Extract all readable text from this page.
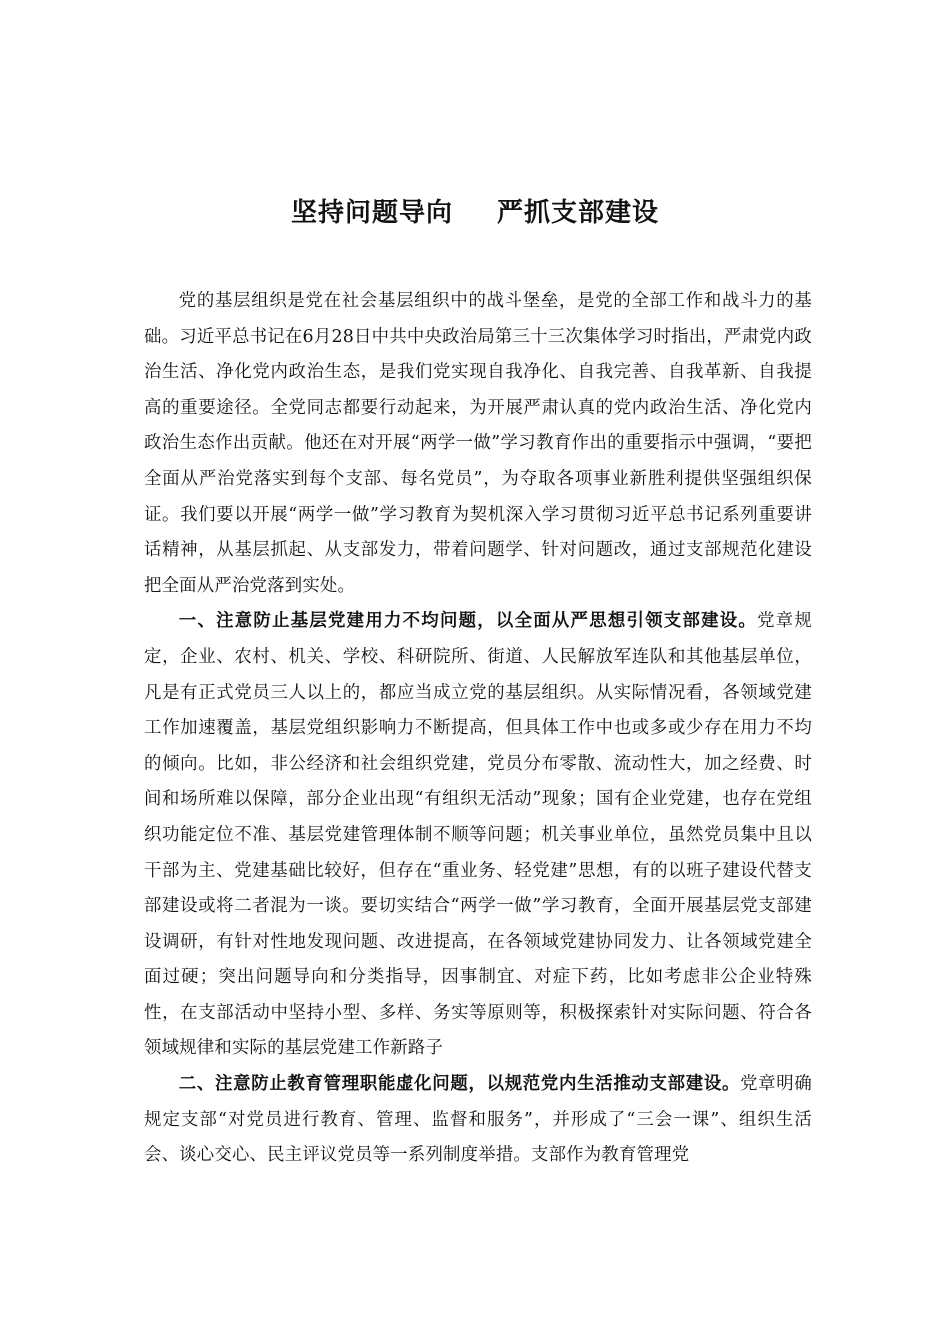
坚持问题导向 严抓支部建设

党的基层组织是党在社会基层组织中的战斗堡垒，是党的全部工作和战斗力的基础。习近平总书记在6月28日中共中央政治局第三十三次集体学习时指出，严肃党内政治生活、净化党内政治生态，是我们党实现自我净化、自我完善、自我革新、自我提高的重要途径。全党同志都要行动起来，为开展严肃认真的党内政治生活、净化党内政治生态作出贡献。他还在对开展“两学一做”学习教育作出的重要指示中强调，“要把全面从严治党落实到每个支部、每名党员”，为夺取各项事业新胜利提供坚强组织保证。我们要以开展“两学一做”学习教育为契机深入学习贯彻习近平总书记系列重要讲话精神，从基层抓起、从支部发力，带着问题学、针对问题改，通过支部规范化建设把全面从严治党落到实处。

一、注意防止基层党建用力不均问题，以全面从严思想引领支部建设。党章规定，企业、农村、机关、学校、科研院所、街道、人民解放军连队和其他基层单位，凡是有正式党员三人以上的，都应当成立党的基层组织。从实际情况看，各领域党建工作加速覆盖，基层党组织影响力不断提高，但具体工作中也或多或少存在用力不均的倾向。比如，非公经济和社会组织党建，党员分布零散、流动性大，加之经费、时间和场所难以保障，部分企业出现“有组织无活动”现象；国有企业党建，也存在党组织功能定位不准、基层党建管理体制不顺等问题；机关事业单位，虽然党员集中且以干部为主、党建基础比较好，但存在“重业务、轻党建”思想，有的以班子建设代替支部建设或将二者混为一谈。要切实结合“两学一做”学习教育，全面开展基层党支部建设调研，有针对性地发现问题、改进提高，在各领域党建协同发力、让各领域党建全面过硬；突出问题导向和分类指导，因事制宜、对症下药，比如考虑非公企业特殊性，在支部活动中坚持小型、多样、务实等原则等，积极探索针对实际问题、符合各领域规律和实际的基层党建工作新路子

二、注意防止教育管理职能虚化问题，以规范党内生活推动支部建设。党章明确规定支部“对党员进行教育、管理、监督和服务”，并形成了“三会一课”、组织生活会、谈心交心、民主评议党员等一系列制度举措。支部作为教育管理党
